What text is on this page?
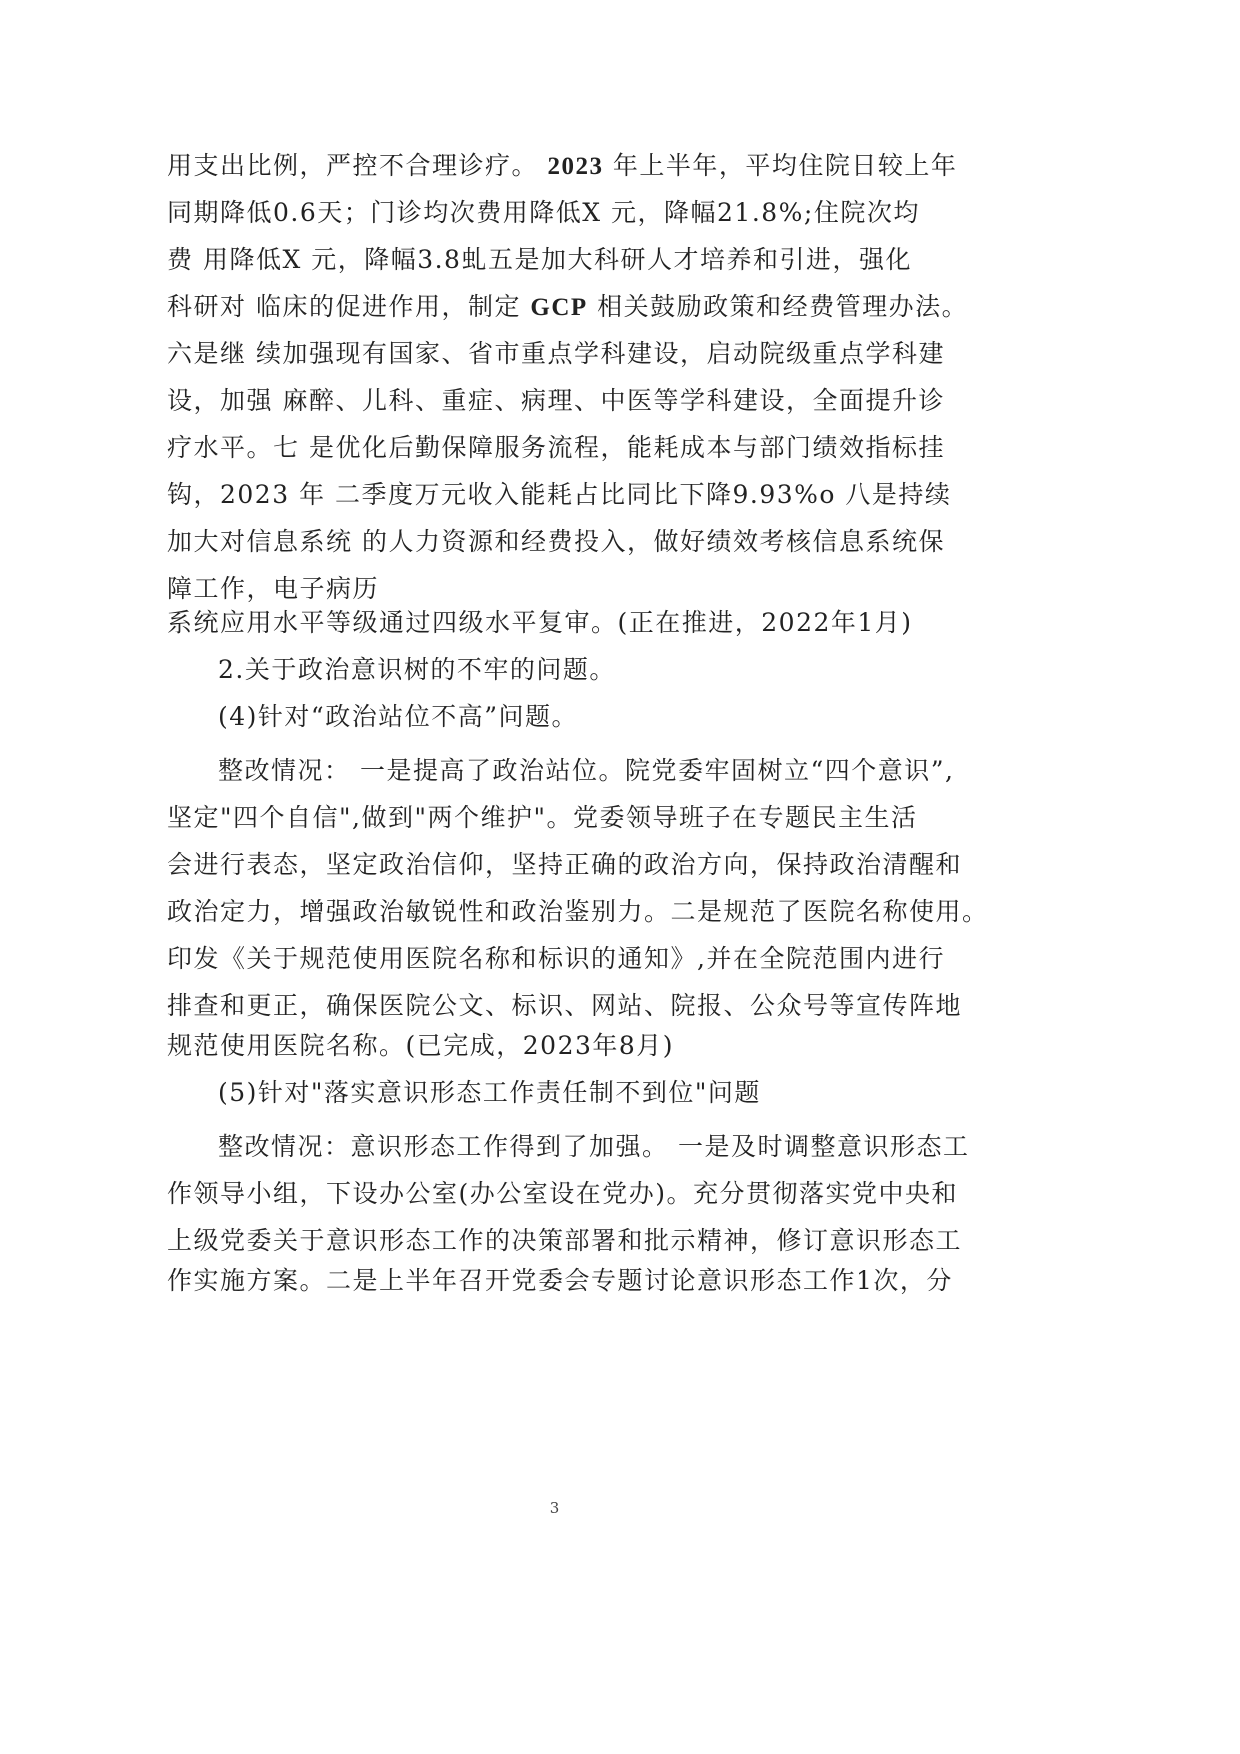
用支出比例，严控不合理诊疗。 2023 年上半年，平均住院日较上年
同期降低0.6天；门诊均次费用降低X 元，降幅21.8%;住院次均
费 用降低X 元，降幅3.8虬五是加大科研人才培养和引进，强化
科研对 临床的促进作用，制定 GCP 相关鼓励政策和经费管理办法。
六是继 续加强现有国家、省市重点学科建设，启动院级重点学科建
设，加强 麻醉、儿科、重症、病理、中医等学科建设，全面提升诊
疗水平。七 是优化后勤保障服务流程，能耗成本与部门绩效指标挂
钩，2023 年 二季度万元收入能耗占比同比下降9.93%o 八是持续
加大对信息系统 的人力资源和经费投入，做好绩效考核信息系统保
障工作，电子病历
系统应用水平等级通过四级水平复审。(正在推进，2022年1月)
2.关于政治意识树的不牢的问题。
(4)针对“政治站位不高”问题。
整改情况： 一是提高了政治站位。院党委牢固树立“四个意识”,
坚定"四个自信",做到"两个维护"。党委领导班子在专题民主生活
会进行表态，坚定政治信仰，坚持正确的政治方向，保持政治清醒和
政治定力，增强政治敏锐性和政治鉴别力。二是规范了医院名称使用。
印发《关于规范使用医院名称和标识的通知》,并在全院范围内进行
排查和更正，确保医院公文、标识、网站、院报、公众号等宣传阵地
规范使用医院名称。(已完成，2023年8月)
(5)针对"落实意识形态工作责任制不到位"问题
整改情况：意识形态工作得到了加强。 一是及时调整意识形态工
作领导小组，下设办公室(办公室设在党办)。充分贯彻落实党中央和
上级党委关于意识形态工作的决策部署和批示精神，修订意识形态工
作实施方案。二是上半年召开党委会专题讨论意识形态工作1次，分
3
